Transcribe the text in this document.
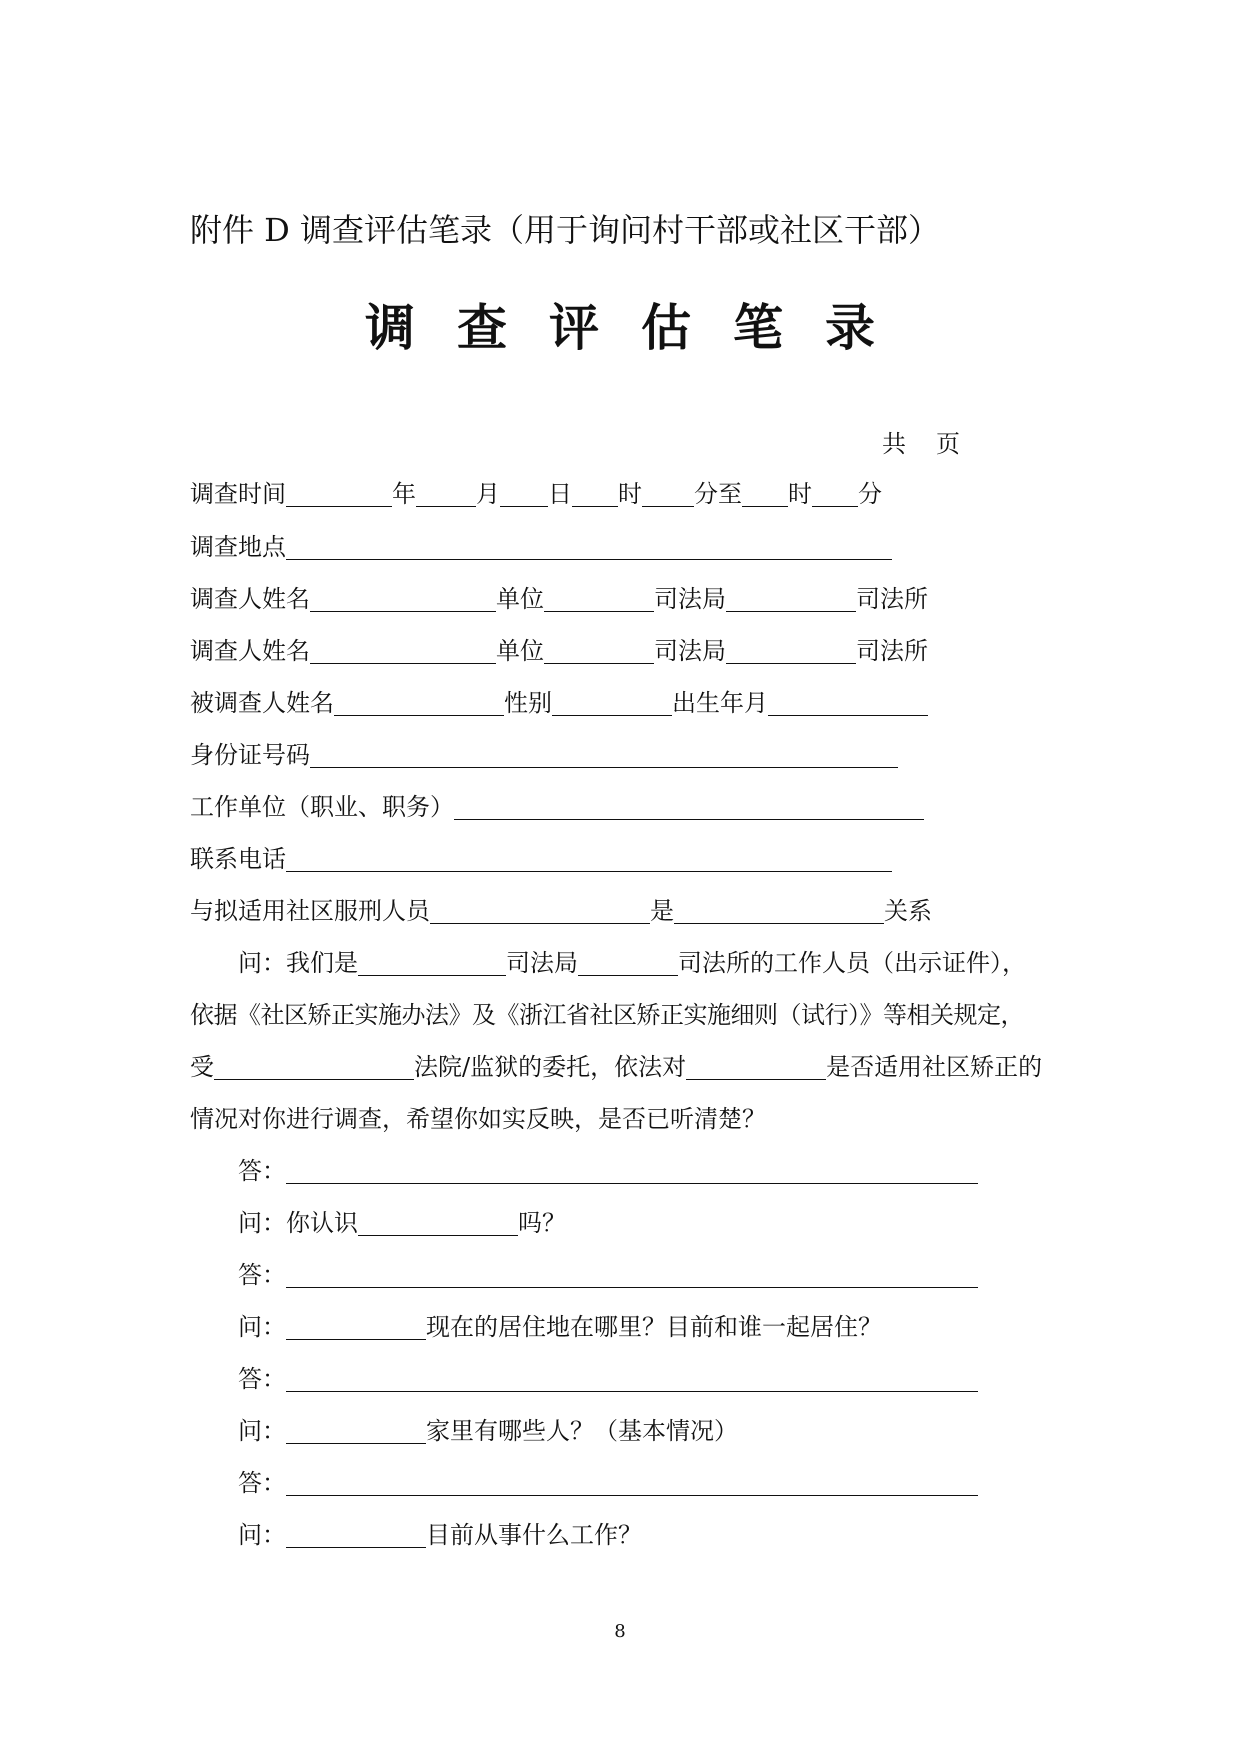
附件 D 调查评估笔录（用于询问村干部或社区干部）
调 查 评 估 笔 录
共 页
调查时间	年	月 日 时 分至 时 分
调查地点
调查人姓名	单位	司法局	司法所
调查人姓名	单位	司法局	司法所
被调查人姓名	性别	出生年月
身份证号码
工作单位（职业、职务）
联系电话
与拟适用社区服刑人员	是	关系
问：我们是	司法局	司法所的工作人员（出示证件），
依据《社区矫正实施办法》及《浙江省社区矫正实施细则（试行）》等相关规定，
受	法院/监狱的委托，依法对	是否适用社区矫正的
情况对你进行调查，希望你如实反映，是否已听清楚？
答：
问：你认识	吗？
答：
问：	现在的居住地在哪里？目前和谁一起居住？
答：
问：	家里有哪些人？（基本情况）
答：
问：	目前从事什么工作？
8
